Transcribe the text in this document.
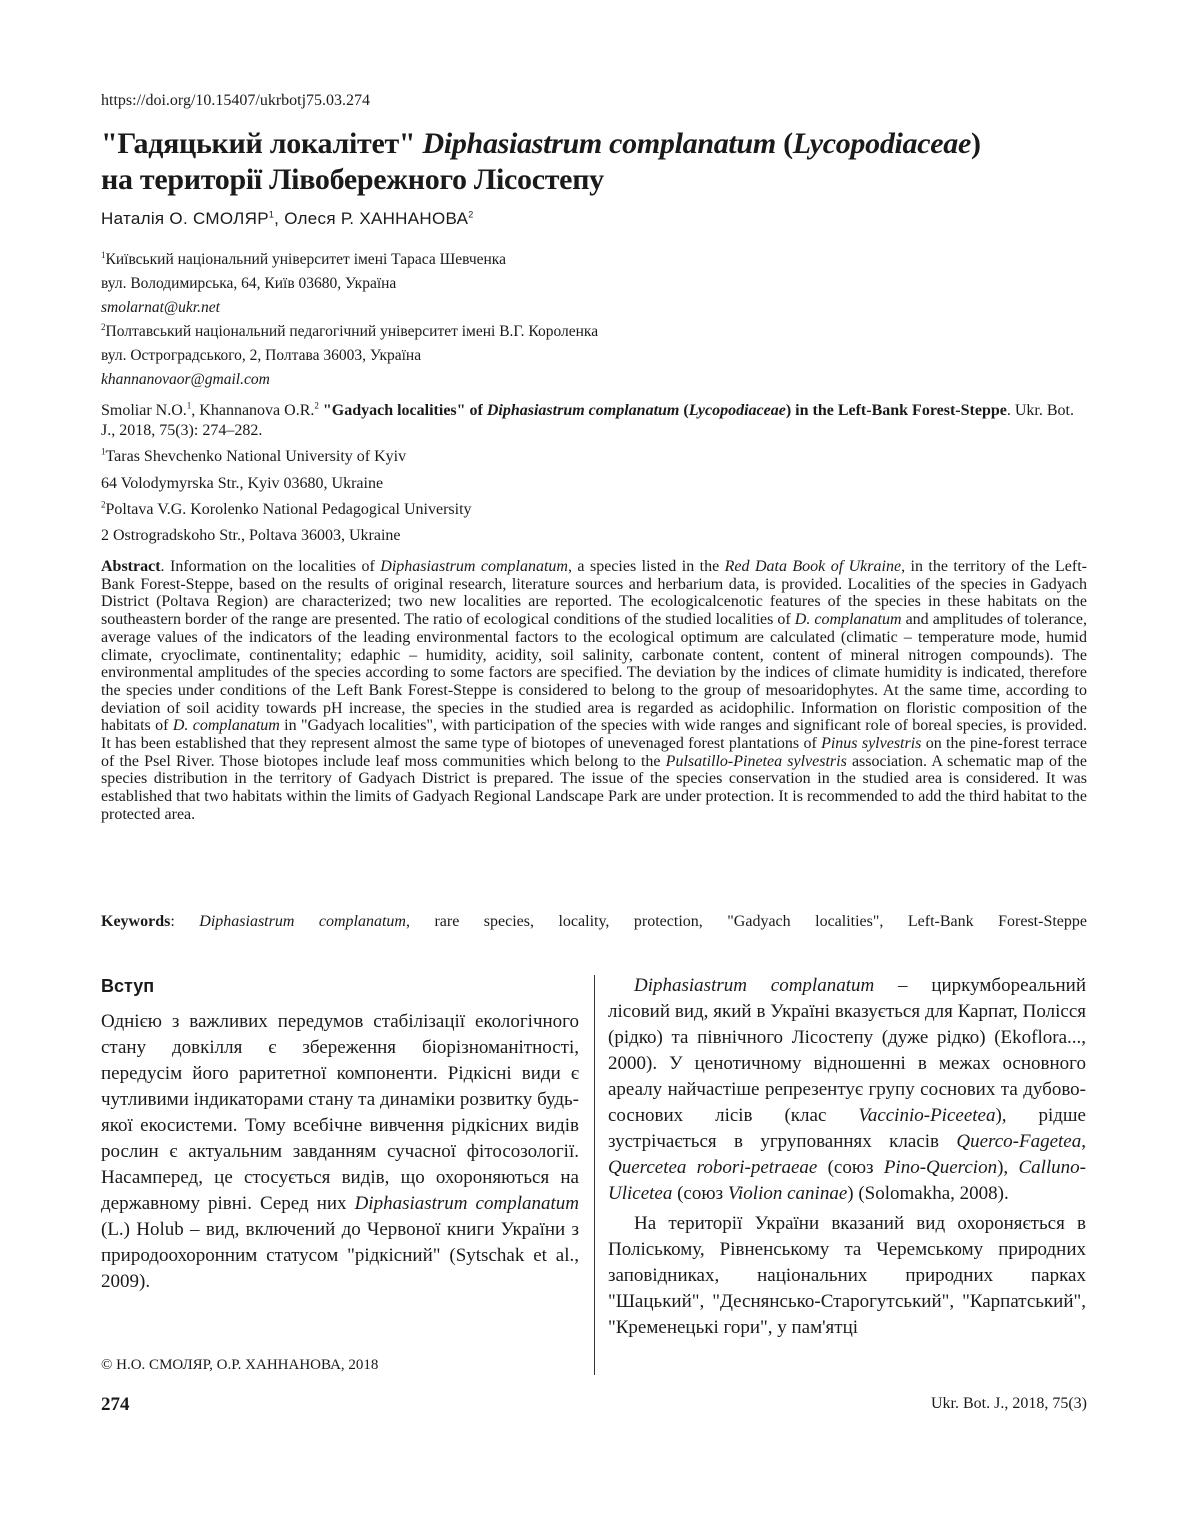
https://doi.org/10.15407/ukrbotj75.03.274
"Гадяцький локалітет" Diphasiastrum complanatum (Lycopodiaceae)
на території Лівобережного Лісостепу
Наталія О. СМОЛЯР$^1$, Олеся Р. ХАННАНОВА$^2$
$^1$Київський національний університет імені Тараса Шевченка
вул. Володимирська, 64, Київ 03680, Україна
smolarnat@ukr.net
$^2$Полтавський національний педагогічний університет імені В.Г. Короленка
вул. Остроградського, 2, Полтава 36003, Україна
khannanovaor@gmail.com
Smoliar N.O.$^1$, Khannanova O.R.$^2$ "Gadyach localities" of Diphasiastrum complanatum (Lycopodiaceae) in the Left-Bank Forest-Steppe. Ukr. Bot. J., 2018, 75(3): 274–282.
$^1$Taras Shevchenko National University of Kyiv
64 Volodymyrska Str., Kyiv 03680, Ukraine
$^2$Poltava V.G. Korolenko National Pedagogical University
2 Ostrogradskoho Str., Poltava 36003, Ukraine

Abstract. Information on the localities of Diphasiastrum complanatum, a species listed in the Red Data Book of Ukraine, in the territory of the Left-Bank Forest-Steppe, based on the results of original research, literature sources and herbarium data, is provided. Localities of the species in Gadyach District (Poltava Region) are characterized; two new localities are reported. The ecologicalcenotic features of the species in these habitats on the southeastern border of the range are presented. The ratio of ecological conditions of the studied localities of D. complanatum and amplitudes of tolerance, average values of the indicators of the leading environmental factors to the ecological optimum are calculated (climatic – temperature mode, humid climate, cryoclimate, continentality; edaphic – humidity, acidity, soil salinity, carbonate content, content of mineral nitrogen compounds). The environmental amplitudes of the species according to some factors are specified. The deviation by the indices of climate humidity is indicated, therefore the species under conditions of the Left Bank Forest-Steppe is considered to belong to the group of mesoaridophytes. At the same time, according to deviation of soil acidity towards pH increase, the species in the studied area is regarded as acidophilic. Information on floristic composition of the habitats of D. complanatum in "Gadyach localities", with participation of the species with wide ranges and significant role of boreal species, is provided. It has been established that they represent almost the same type of biotopes of unevenaged forest plantations of Pinus sylvestris on the pine-forest terrace of the Psel River. Those biotopes include leaf moss communities which belong to the Pulsatillo-Pinetea sylvestris association. A schematic map of the species distribution in the territory of Gadyach District is prepared. The issue of the species conservation in the studied area is considered. It was established that two habitats within the limits of Gadyach Regional Landscape Park are under protection. It is recommended to add the third habitat to the protected area.

Keywords: Diphasiastrum complanatum, rare species, locality, protection, "Gadyach localities", Left-Bank Forest-Steppe

Вступ

Однією з важливих передумов стабілізації екологічного стану довкілля є збереження біорізноманітності, передусім його раритетної компоненти. Рідкісні види є чутливими індикаторами стану та динаміки розвитку будь-якої екосистеми. Тому всебічне вивчення рідкісних видів рослин є актуальним завданням сучасної фітосозології. Насамперед, це стосується видів, що охороняються на державному рівні. Серед них Diphasiastrum complanatum (L.) Holub – вид, включений до Червоної книги України з природоохоронним статусом "рідкісний" (Sytschak et al., 2009).

Diphasiastrum complanatum – циркумбореальний лісовий вид, який в Україні вказується для Карпат, Полісся (рідко) та північного Лісостепу (дуже рідко) (Ekoflora..., 2000). У ценотичному відношенні в межах основного ареалу найчастіше репрезентує групу соснових та дубово-соснових лісів (клас Vaccinio-Piceetea), рідше зустрічається в угрупованнях класів Querco-Fagetea, Quercetea robori-petraeae (союз Pino-Quercion), Calluno-Ulicetea (союз Violion caninae) (Solomakha, 2008).

На території України вказаний вид охороняється в Поліському, Рівненському та Черемському природних заповідниках, національних природних парках "Шацький", "Деснянсько-Старогутський", "Карпатський", "Кременецькі гори", у пам'ятці

© Н.О. СМОЛЯР, О.Р. ХАННАНОВА, 2018
274	Ukr. Bot. J., 2018, 75(3)
